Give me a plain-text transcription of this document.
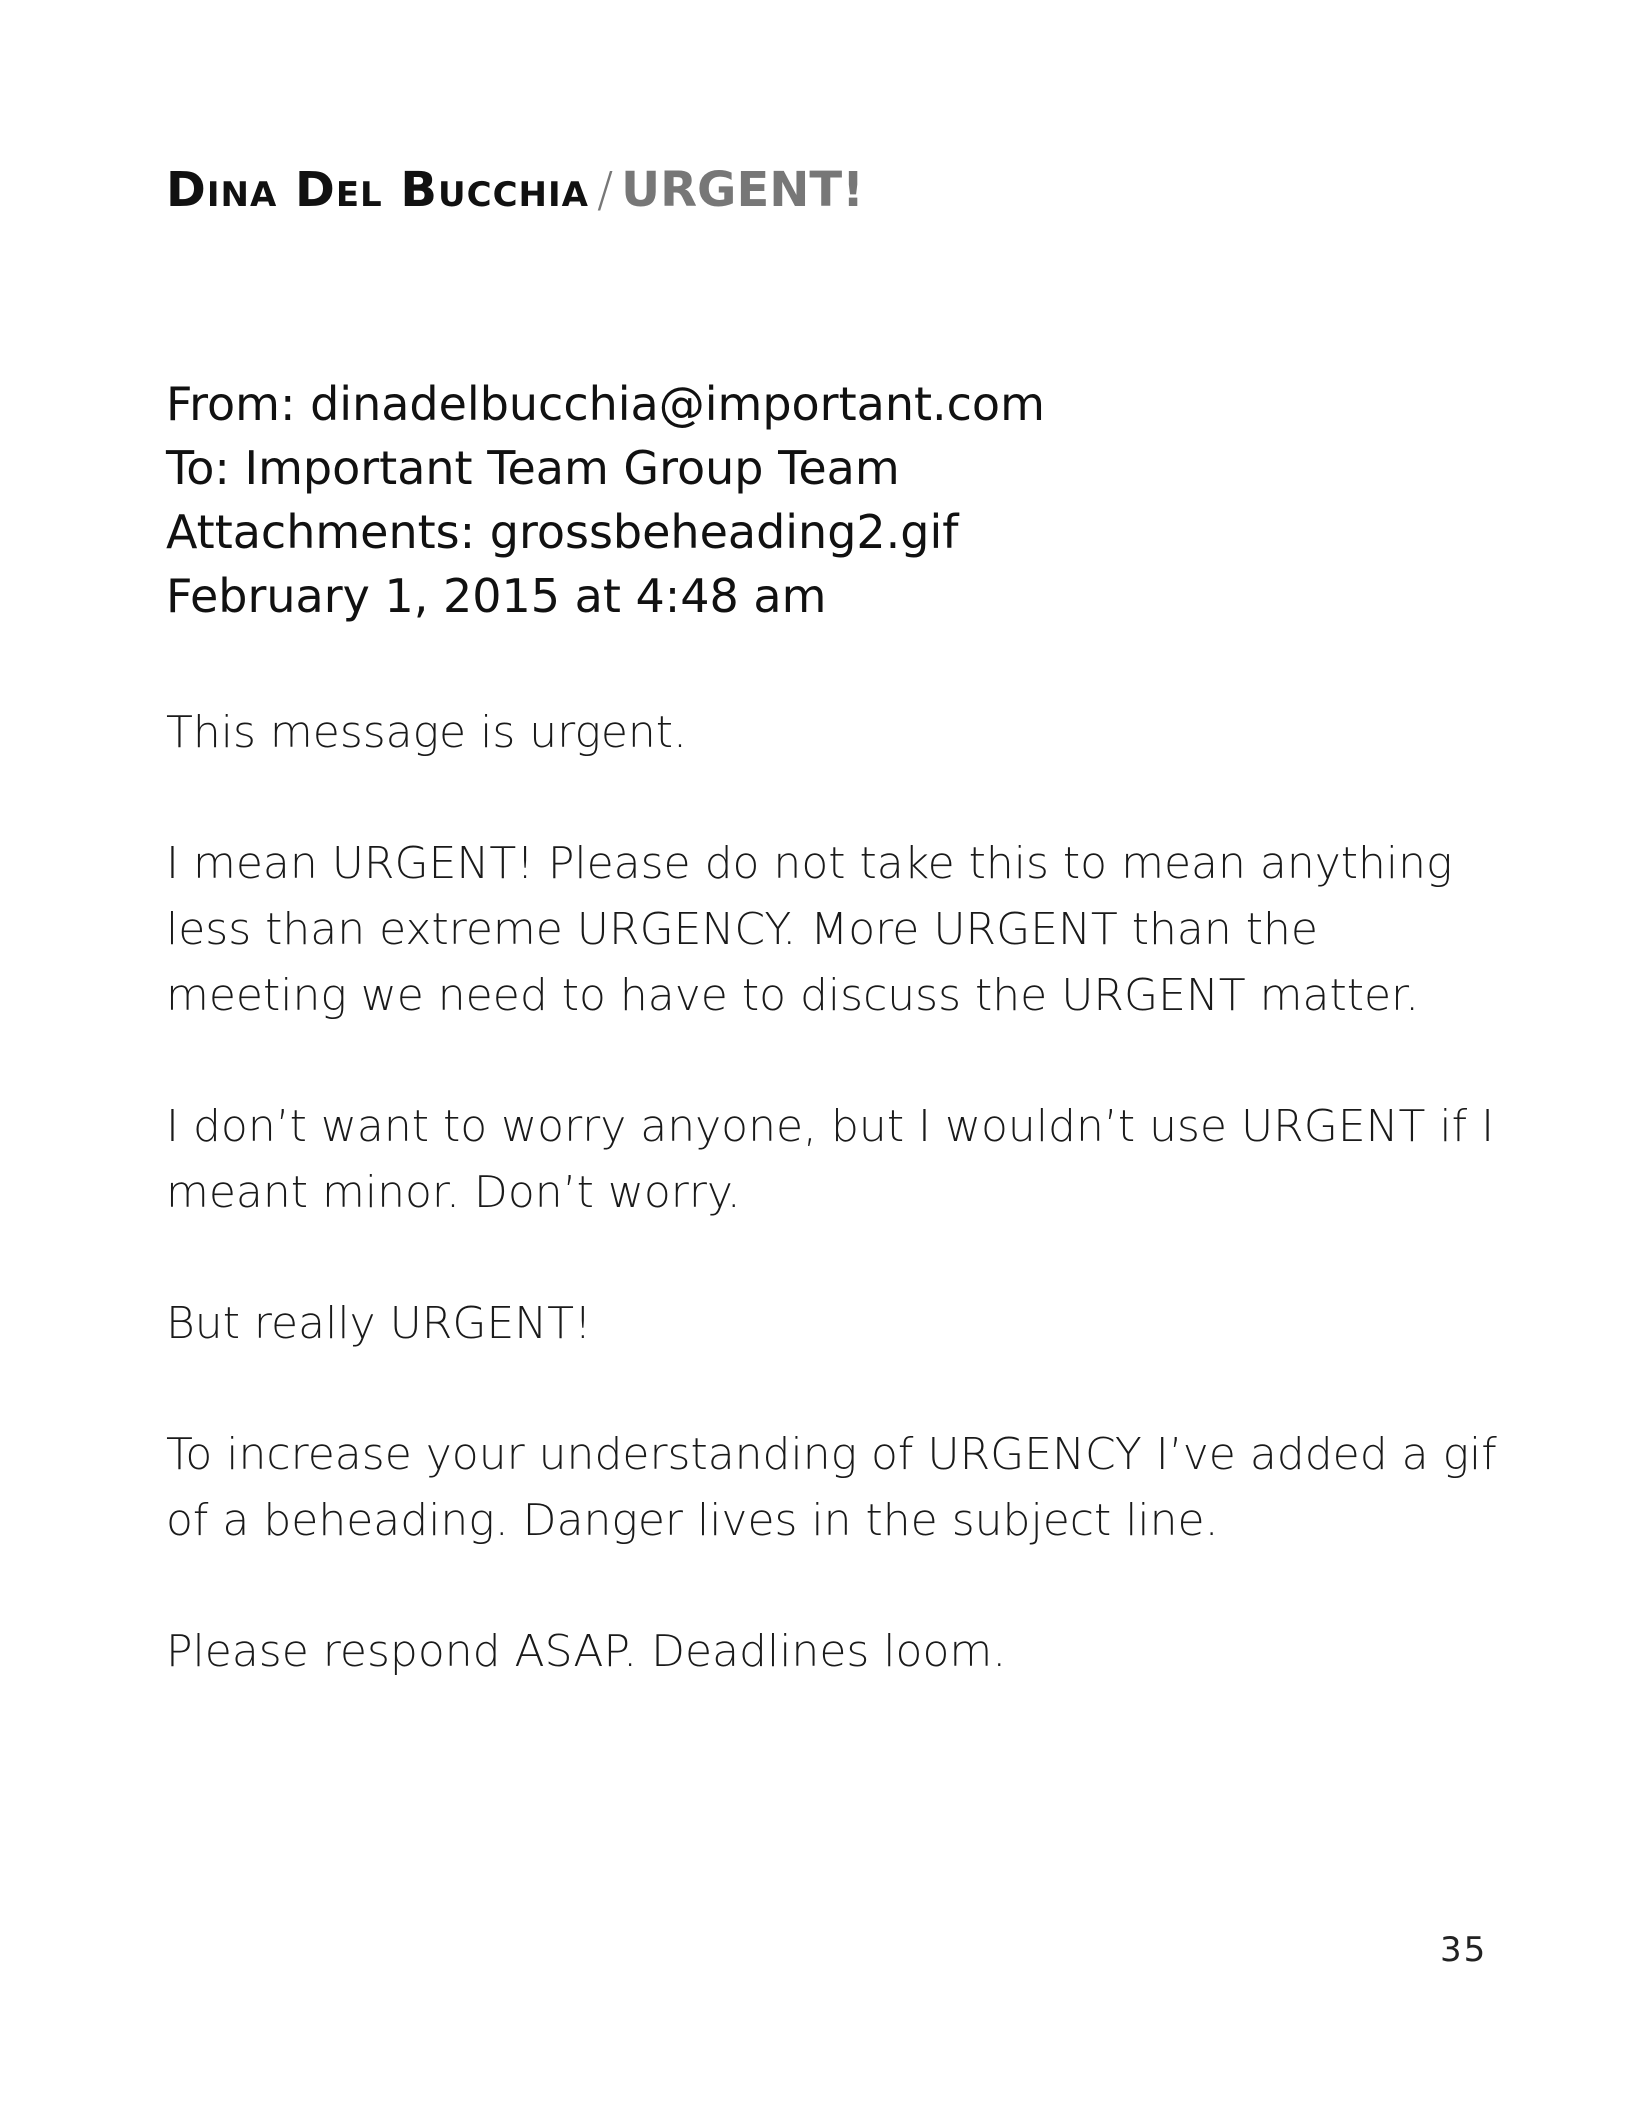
Dina Del Bucchia / URGENT!
From: dinadelbucchia@important.com
To: Important Team Group Team
Attachments: grossbeheading2.gif
February 1, 2015 at 4:48 am

This message is urgent.

I mean URGENT! Please do not take this to mean anything less than extreme URGENCY. More URGENT than the meeting we need to have to discuss the URGENT matter.

I don’t want to worry anyone, but I wouldn’t use URGENT if I meant minor. Don’t worry.

But really URGENT!

To increase your understanding of URGENCY I’ve added a gif of a beheading. Danger lives in the subject line.

Please respond ASAP. Deadlines loom.

35
